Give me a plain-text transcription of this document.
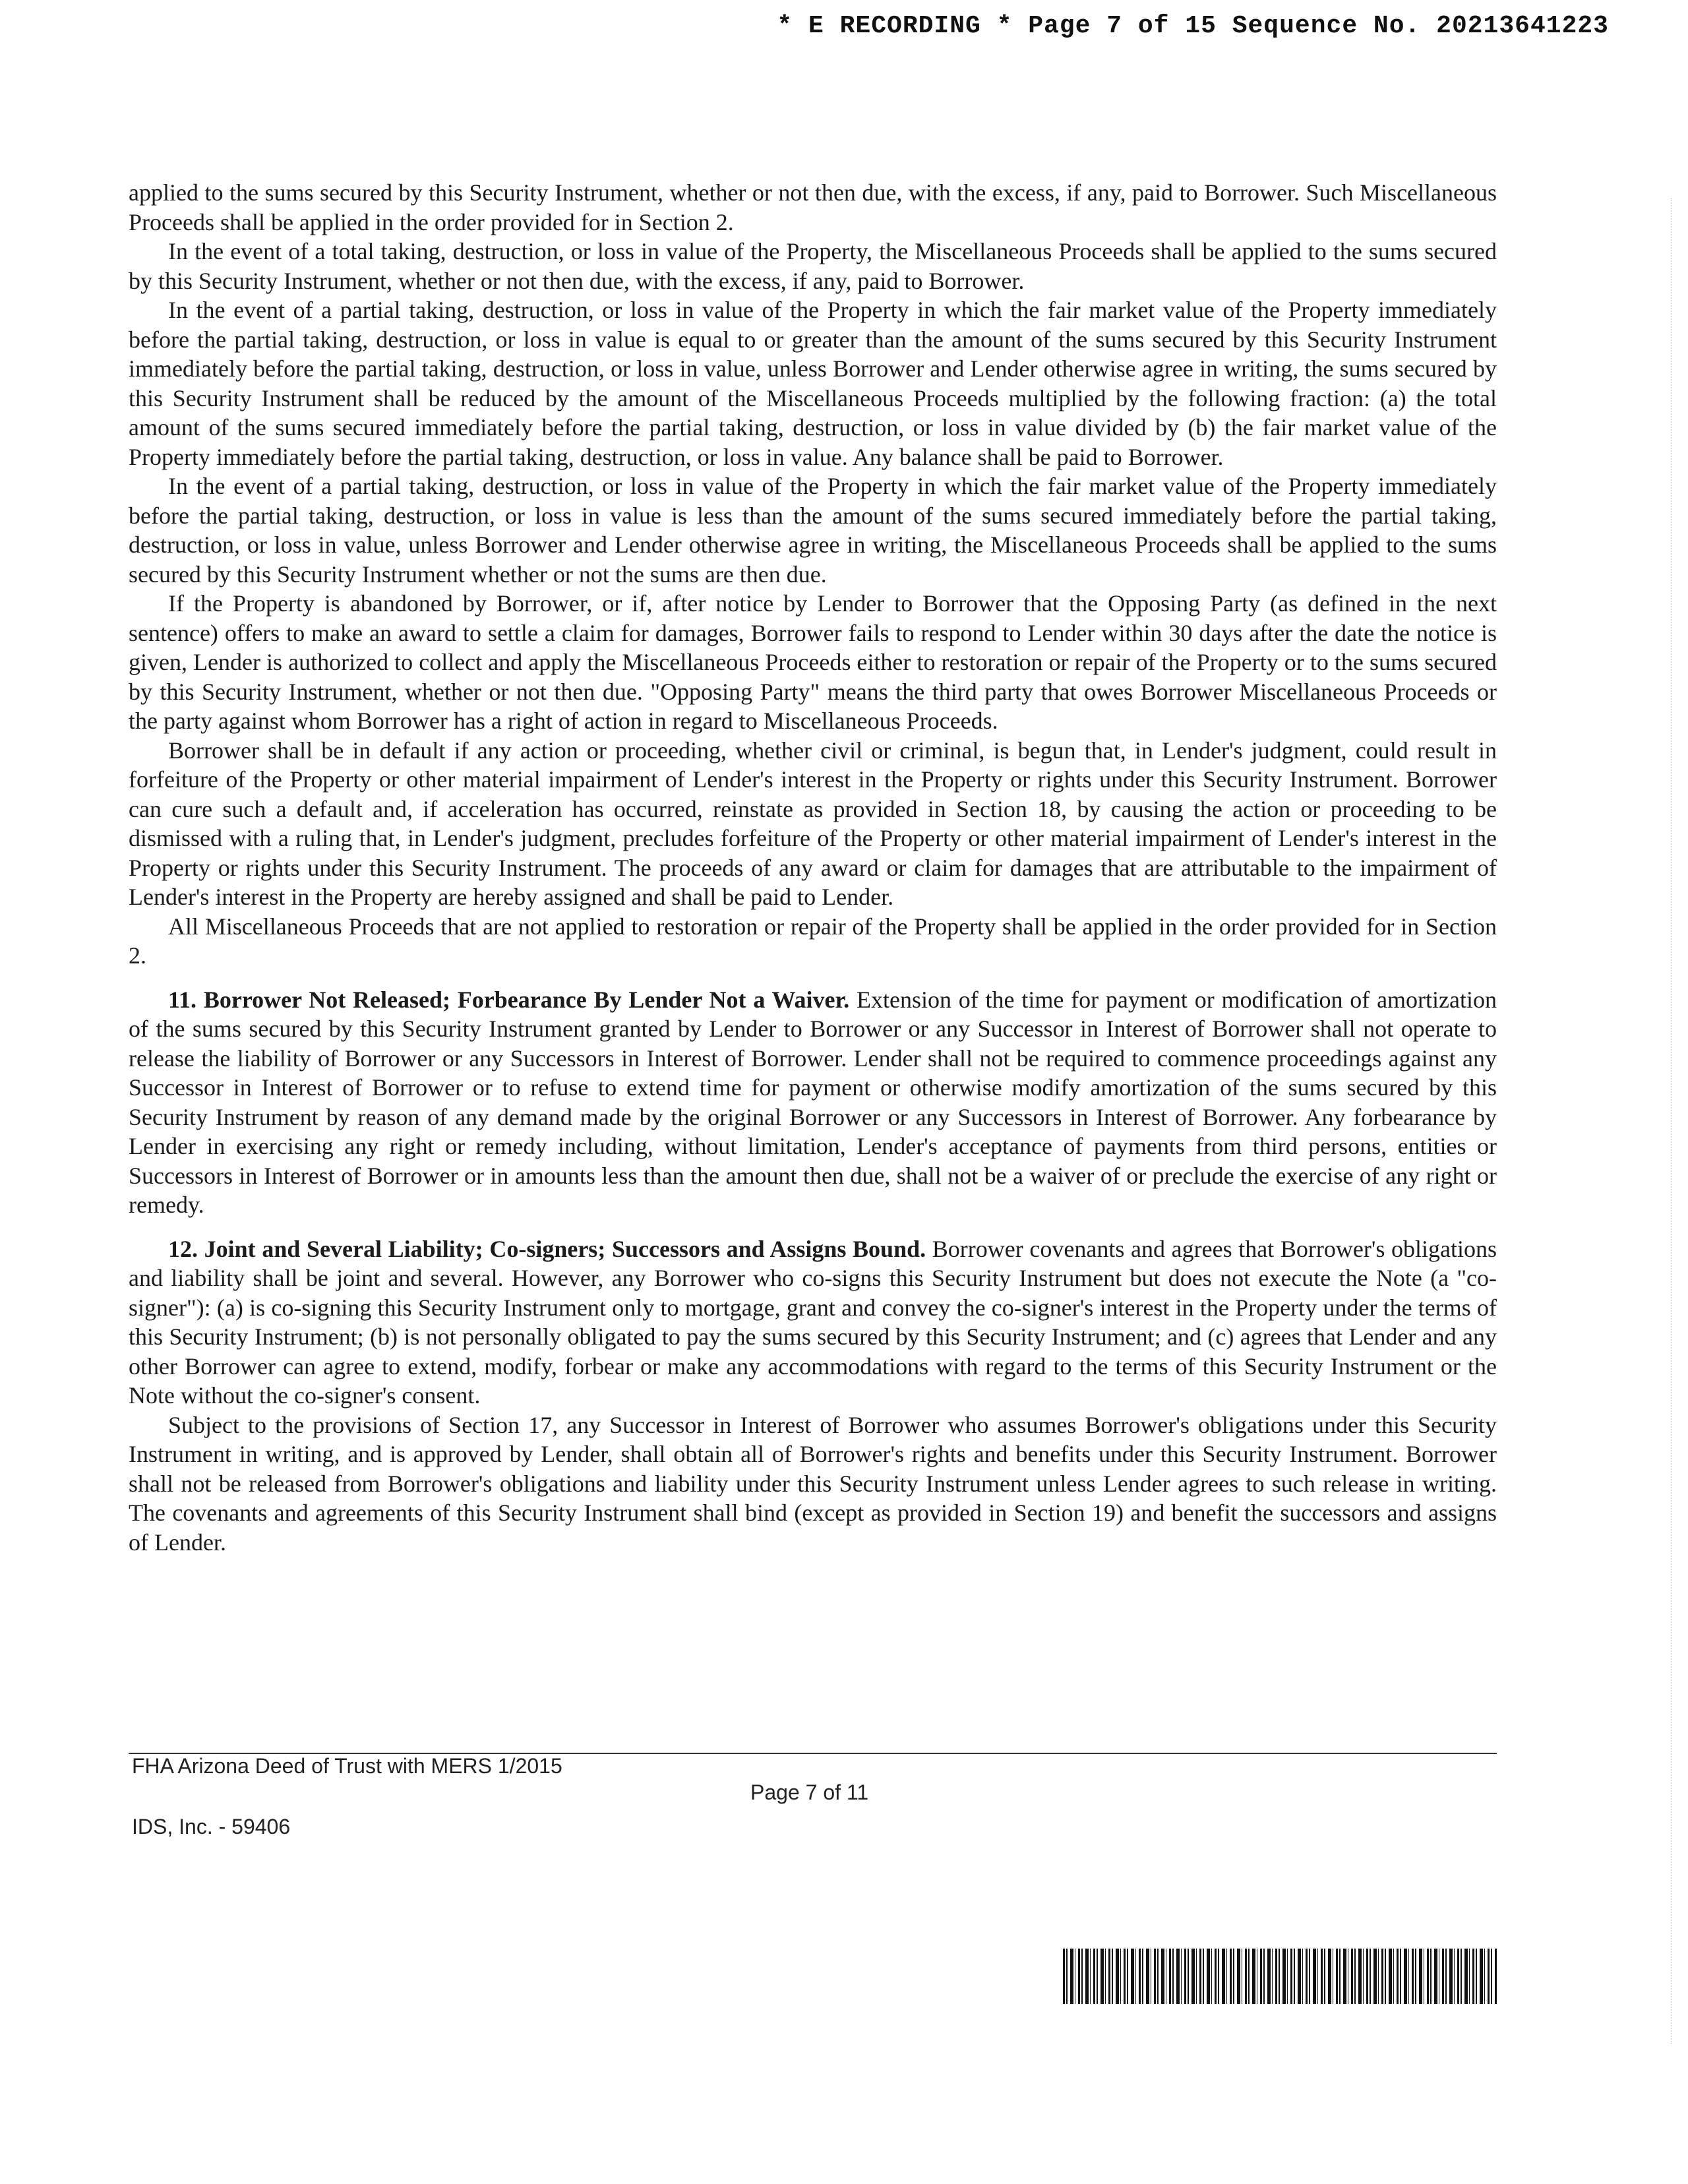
* E RECORDING * Page 7 of 15 Sequence No. 20213641223

applied to the sums secured by this Security Instrument, whether or not then due, with the excess, if any, paid to Borrower. Such Miscellaneous Proceeds shall be applied in the order provided for in Section 2.

In the event of a total taking, destruction, or loss in value of the Property, the Miscellaneous Proceeds shall be applied to the sums secured by this Security Instrument, whether or not then due, with the excess, if any, paid to Borrower.

In the event of a partial taking, destruction, or loss in value of the Property in which the fair market value of the Property immediately before the partial taking, destruction, or loss in value is equal to or greater than the amount of the sums secured by this Security Instrument immediately before the partial taking, destruction, or loss in value, unless Borrower and Lender otherwise agree in writing, the sums secured by this Security Instrument shall be reduced by the amount of the Miscellaneous Proceeds multiplied by the following fraction: (a) the total amount of the sums secured immediately before the partial taking, destruction, or loss in value divided by (b) the fair market value of the Property immediately before the partial taking, destruction, or loss in value. Any balance shall be paid to Borrower.

In the event of a partial taking, destruction, or loss in value of the Property in which the fair market value of the Property immediately before the partial taking, destruction, or loss in value is less than the amount of the sums secured immediately before the partial taking, destruction, or loss in value, unless Borrower and Lender otherwise agree in writing, the Miscellaneous Proceeds shall be applied to the sums secured by this Security Instrument whether or not the sums are then due.

If the Property is abandoned by Borrower, or if, after notice by Lender to Borrower that the Opposing Party (as defined in the next sentence) offers to make an award to settle a claim for damages, Borrower fails to respond to Lender within 30 days after the date the notice is given, Lender is authorized to collect and apply the Miscellaneous Proceeds either to restoration or repair of the Property or to the sums secured by this Security Instrument, whether or not then due. "Opposing Party" means the third party that owes Borrower Miscellaneous Proceeds or the party against whom Borrower has a right of action in regard to Miscellaneous Proceeds.

Borrower shall be in default if any action or proceeding, whether civil or criminal, is begun that, in Lender's judgment, could result in forfeiture of the Property or other material impairment of Lender's interest in the Property or rights under this Security Instrument. Borrower can cure such a default and, if acceleration has occurred, reinstate as provided in Section 18, by causing the action or proceeding to be dismissed with a ruling that, in Lender's judgment, precludes forfeiture of the Property or other material impairment of Lender's interest in the Property or rights under this Security Instrument. The proceeds of any award or claim for damages that are attributable to the impairment of Lender's interest in the Property are hereby assigned and shall be paid to Lender.

All Miscellaneous Proceeds that are not applied to restoration or repair of the Property shall be applied in the order provided for in Section 2.

11. Borrower Not Released; Forbearance By Lender Not a Waiver. Extension of the time for payment or modification of amortization of the sums secured by this Security Instrument granted by Lender to Borrower or any Successor in Interest of Borrower shall not operate to release the liability of Borrower or any Successors in Interest of Borrower. Lender shall not be required to commence proceedings against any Successor in Interest of Borrower or to refuse to extend time for payment or otherwise modify amortization of the sums secured by this Security Instrument by reason of any demand made by the original Borrower or any Successors in Interest of Borrower. Any forbearance by Lender in exercising any right or remedy including, without limitation, Lender's acceptance of payments from third persons, entities or Successors in Interest of Borrower or in amounts less than the amount then due, shall not be a waiver of or preclude the exercise of any right or remedy.

12. Joint and Several Liability; Co-signers; Successors and Assigns Bound. Borrower covenants and agrees that Borrower's obligations and liability shall be joint and several. However, any Borrower who co-signs this Security Instrument but does not execute the Note (a "co-signer"): (a) is co-signing this Security Instrument only to mortgage, grant and convey the co-signer's interest in the Property under the terms of this Security Instrument; (b) is not personally obligated to pay the sums secured by this Security Instrument; and (c) agrees that Lender and any other Borrower can agree to extend, modify, forbear or make any accommodations with regard to the terms of this Security Instrument or the Note without the co-signer's consent.

Subject to the provisions of Section 17, any Successor in Interest of Borrower who assumes Borrower's obligations under this Security Instrument in writing, and is approved by Lender, shall obtain all of Borrower's rights and benefits under this Security Instrument. Borrower shall not be released from Borrower's obligations and liability under this Security Instrument unless Lender agrees to such release in writing. The covenants and agreements of this Security Instrument shall bind (except as provided in Section 19) and benefit the successors and assigns of Lender.

FHA Arizona Deed of Trust with MERS 1/2015
IDS, Inc. - 59406
Page 7 of 11
